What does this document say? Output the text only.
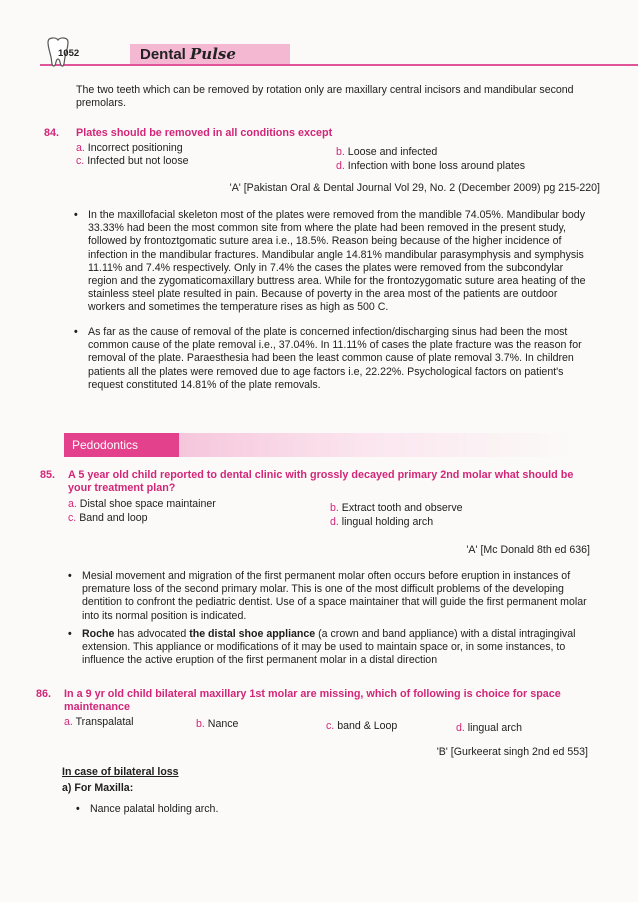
1052	Dental Pulse
The two teeth which can be removed by rotation only are maxillary central incisors and mandibular second premolars.
84. Plates should be removed in all conditions except
a. Incorrect positioning	b. Loose and infected
c. Infected but not loose	d. Infection with bone loss around plates
'A' [Pakistan Oral & Dental Journal Vol 29, No. 2 (December 2009) pg 215-220]
• In the maxillofacial skeleton most of the plates were removed from the mandible 74.05%. Mandibular body 33.33% had been the most common site from where the plate had been removed in the present study, followed by frontoztgomatic suture area i.e., 18.5%. Reason being because of the higher incidence of infection in the mandibular fractures. Mandibular angle 14.81% mandibular parasymphysis and symphysis 11.11% and 7.4% respectively. Only in 7.4% the cases the plates were removed from the subcondylar region and the zygomaticomaxillary buttress area. While for the frontozygomatic suture area heating of the stainless steel plate resulted in pain. Because of poverty in the area most of the patients are outdoor workers and sometimes the temperature rises as high as 500 C.
• As far as the cause of removal of the plate is concerned infection/discharging sinus had been the most common cause of the plate removal i.e., 37.04%. In 11.11% of cases the plate fracture was the reason for removal of the plate. Paraesthesia had been the least common cause of plate removal 3.7%. In children patients all the plates were removed due to age factors i.e, 22.22%. Psychological factors on patient's request constituted 14.81% of the plate removals.
Pedodontics
85. A 5 year old child reported to dental clinic with grossly decayed primary 2nd molar what should be your treatment plan?
a. Distal shoe space maintainer	b. Extract tooth and observe
c. Band and loop	d. lingual holding arch
'A' [Mc Donald 8th ed 636]
• Mesial movement and migration of the first permanent molar often occurs before eruption in instances of premature loss of the second primary molar. This is one of the most difficult problems of the developing dentition to confront the pediatric dentist. Use of a space maintainer that will guide the first permanent molar into its normal position is indicated.
• Roche has advocated the distal shoe appliance (a crown and band appliance) with a distal intragingival extension. This appliance or modifications of it may be used to maintain space or, in some instances, to influence the active eruption of the first permanent molar in a distal direction
86. In a 9 yr old child bilateral maxillary 1st molar are missing, which of following is choice for space maintenance
a. Transpalatal	b. Nance	c. band & Loop	d. lingual arch
'B' [Gurkeerat singh 2nd ed 553]
In case of bilateral loss
a) For Maxilla:
• Nance palatal holding arch.
